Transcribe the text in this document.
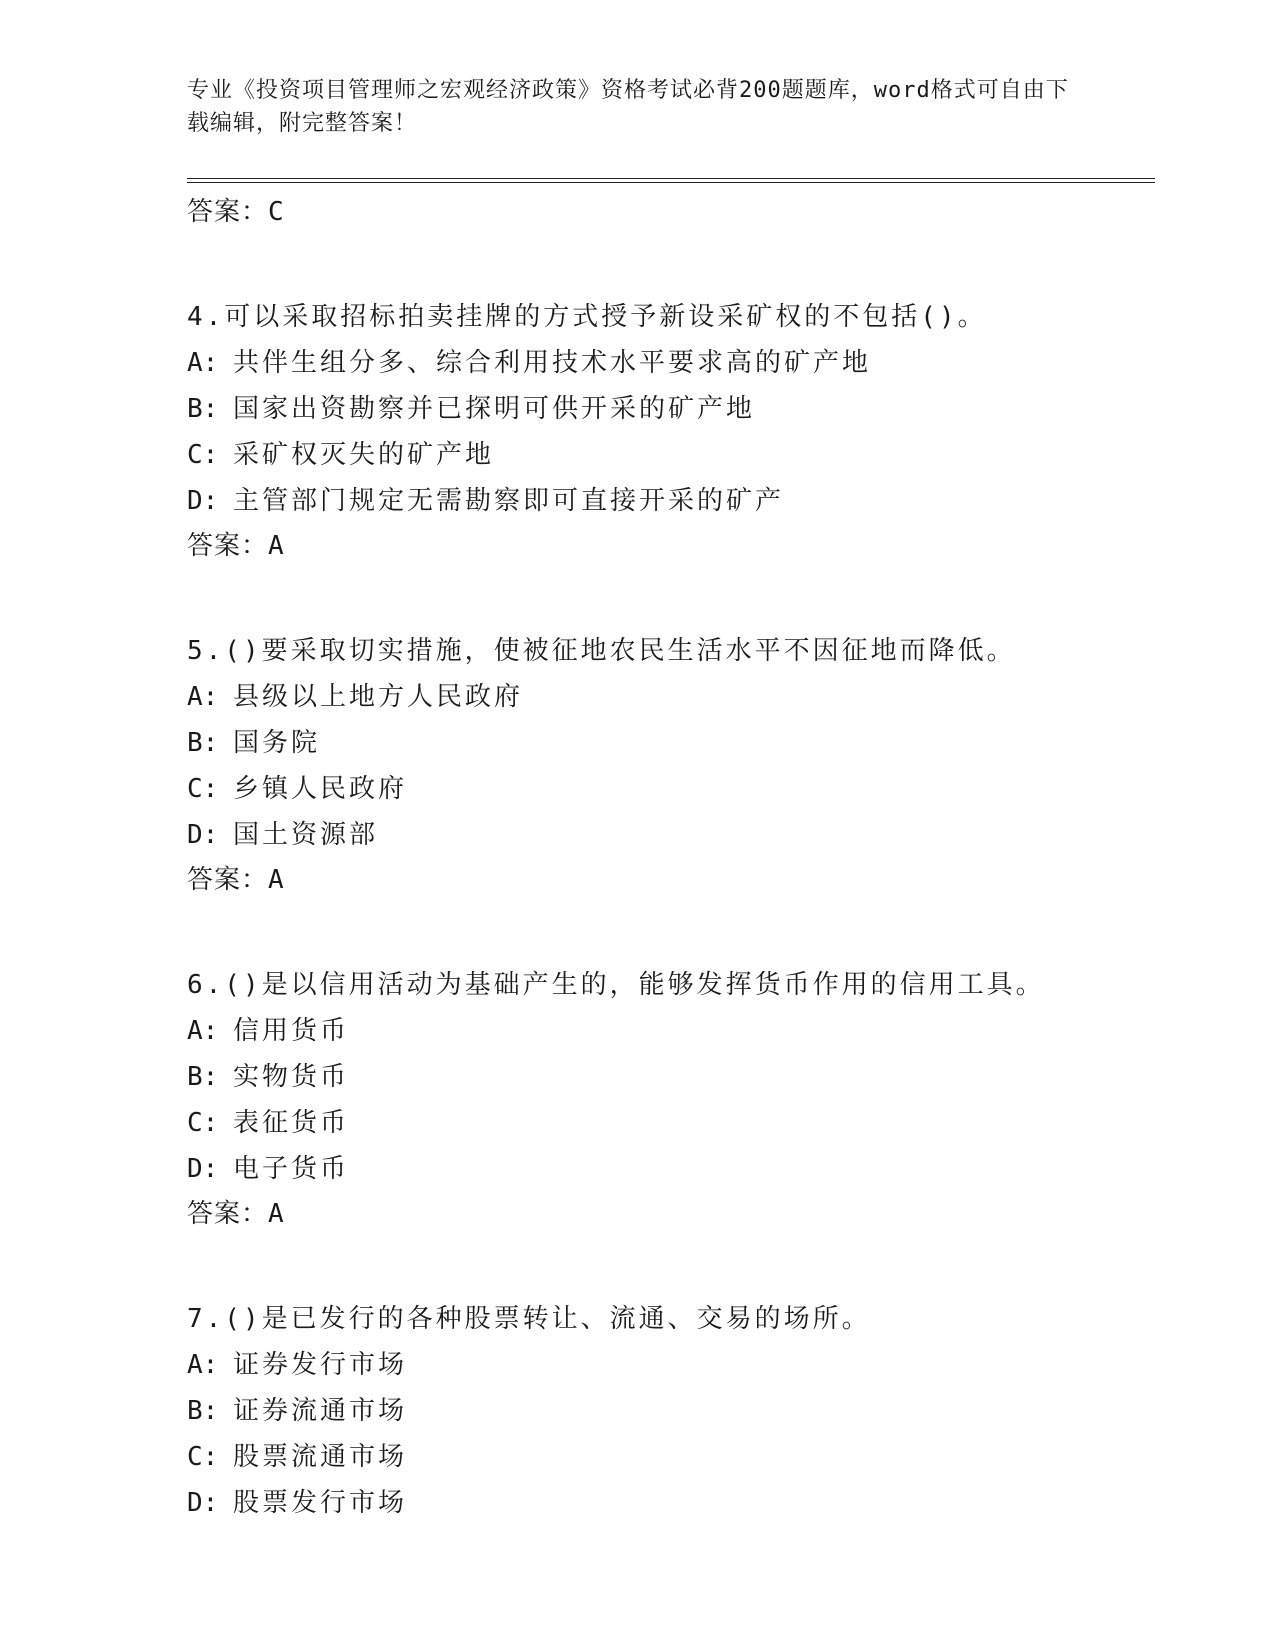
专业《投资项目管理师之宏观经济政策》资格考试必背200题题库，word格式可自由下载编辑，附完整答案！

答案：C

4.可以采取招标拍卖挂牌的方式授予新设采矿权的不包括()。

A: 共伴生组分多、综合利用技术水平要求高的矿产地

B: 国家出资勘察并已探明可供开采的矿产地

C: 采矿权灭失的矿产地

D: 主管部门规定无需勘察即可直接开采的矿产

答案：A

5.()要采取切实措施，使被征地农民生活水平不因征地而降低。

A: 县级以上地方人民政府

B: 国务院

C: 乡镇人民政府

D: 国土资源部

答案：A

6.()是以信用活动为基础产生的，能够发挥货币作用的信用工具。

A: 信用货币

B: 实物货币

C: 表征货币

D: 电子货币

答案：A

7.()是已发行的各种股票转让、流通、交易的场所。

A: 证券发行市场

B: 证券流通市场

C: 股票流通市场

D: 股票发行市场
